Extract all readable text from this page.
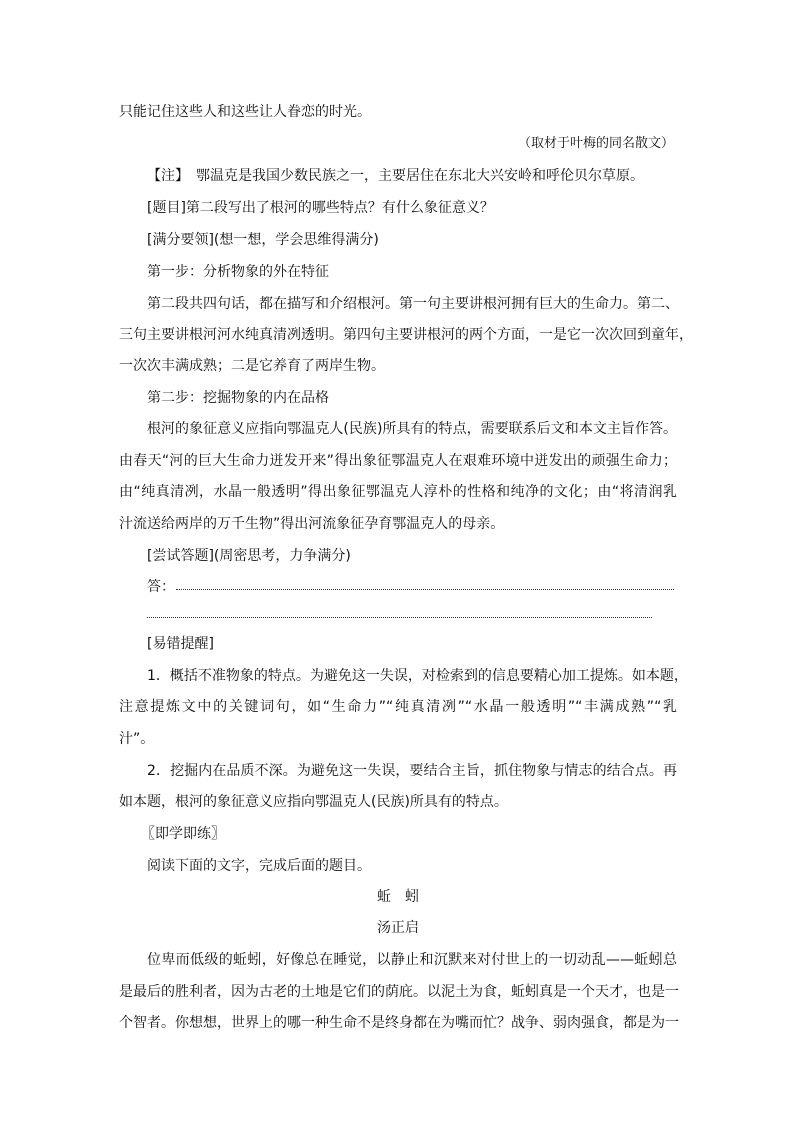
只能记住这些人和这些让人眷恋的时光。
（取材于叶梅的同名散文）
【注】　鄂温克是我国少数民族之一，主要居住在东北大兴安岭和呼伦贝尔草原。
[题目]第二段写出了根河的哪些特点？有什么象征意义？
[满分要领](想一想，学会思维得满分)
第一步：分析物象的外在特征
第二段共四句话，都在描写和介绍根河。第一句主要讲根河拥有巨大的生命力。第二、
三句主要讲根河河水纯真清冽透明。第四句主要讲根河的两个方面，一是它一次次回到童年，
一次次丰满成熟；二是它养育了两岸生物。
第二步：挖掘物象的内在品格
根河的象征意义应指向鄂温克人(民族)所具有的特点，需要联系后文和本文主旨作答。
由春天“河的巨大生命力迸发开来”得出象征鄂温克人在艰难环境中迸发出的顽强生命力；
由“纯真清冽，水晶一般透明”得出象征鄂温克人淳朴的性格和纯净的文化；由“将清润乳
汁流送给两岸的万千生物”得出河流象征孕育鄂温克人的母亲。
[尝试答题](周密思考，力争满分)
答：
[易错提醒]
1．概括不准物象的特点。为避免这一失误，对检索到的信息要精心加工提炼。如本题，
注意提炼文中的关键词句，如“生命力”“纯真清冽”“水晶一般透明”“丰满成熟”“乳
汁”。
2．挖掘内在品质不深。为避免这一失误，要结合主旨，抓住物象与情志的结合点。再
如本题，根河的象征意义应指向鄂温克人(民族)所具有的特点。
〖即学即练〗
阅读下面的文字，完成后面的题目。
蚯　蚓
汤正启
位卑而低级的蚯蚓，好像总在睡觉，以静止和沉默来对付世上的一切动乱——蚯蚓总
是最后的胜利者，因为古老的土地是它们的荫庇。以泥土为食，蚯蚓真是一个天才，也是一
个智者。你想想，世界上的哪一种生命不是终身都在为嘴而忙？战争、弱肉强食，都是为一
